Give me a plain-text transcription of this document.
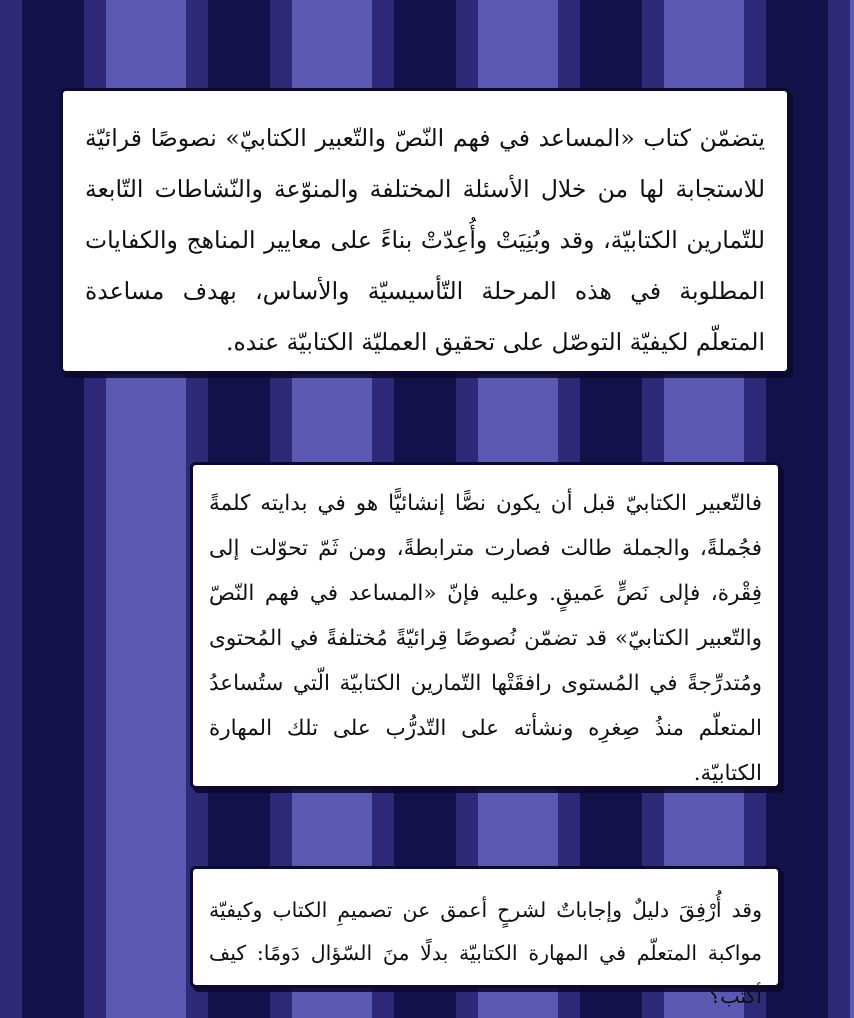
يتضمّن كتاب «المساعد في فهم النّصّ والتّعبير الكتابيّ» نصوصًا قرائيّة للاستجابة لها من خلال الأسئلة المختلفة والمنوّعة والنّشاطات التّابعة للتّمارين الكتابيّة، وقد وبُنِيَتْ وأُعِدّتْ بناءً على معايير المناهج والكفايات المطلوبة في هذه المرحلة التّأسيسيّة والأساس، بهدف مساعدة المتعلّم لكيفيّة التوصّل على تحقيق العمليّة الكتابيّة عنده.

فالتّعبير الكتابيّ قبل أن يكون نصًّا إنشائيًّا هو في بدايته كلمةً فجُملةً، والجملة طالت فصارت مترابطةً، ومن ثَمّ تحوّلت إلى فِقْرة، فإلى نَصٍّ عَميقٍ. وعليه فإنّ «المساعد في فهم النّصّ والتّعبير الكتابيّ» قد تضمّن نُصوصًا قِرائيّةً مُختلفةً في المُحتوى ومُتدرِّجةً في المُستوى رافقَتْها التّمارين الكتابيّة الّتي ستُساعدُ المتعلّم منذُ صِغرِه ونشأته على التّدرُّب على تلك المهارة الكتابيّة.

وقد أُرْفِقَ دليلٌ وإجاباتٌ لشرحٍ أعمق عن تصميمِ الكتاب وكيفيّة مواكبة المتعلّم في المهارة الكتابيّة بدلًا منَ السّؤال دَومًا: كيف أكتب؟
